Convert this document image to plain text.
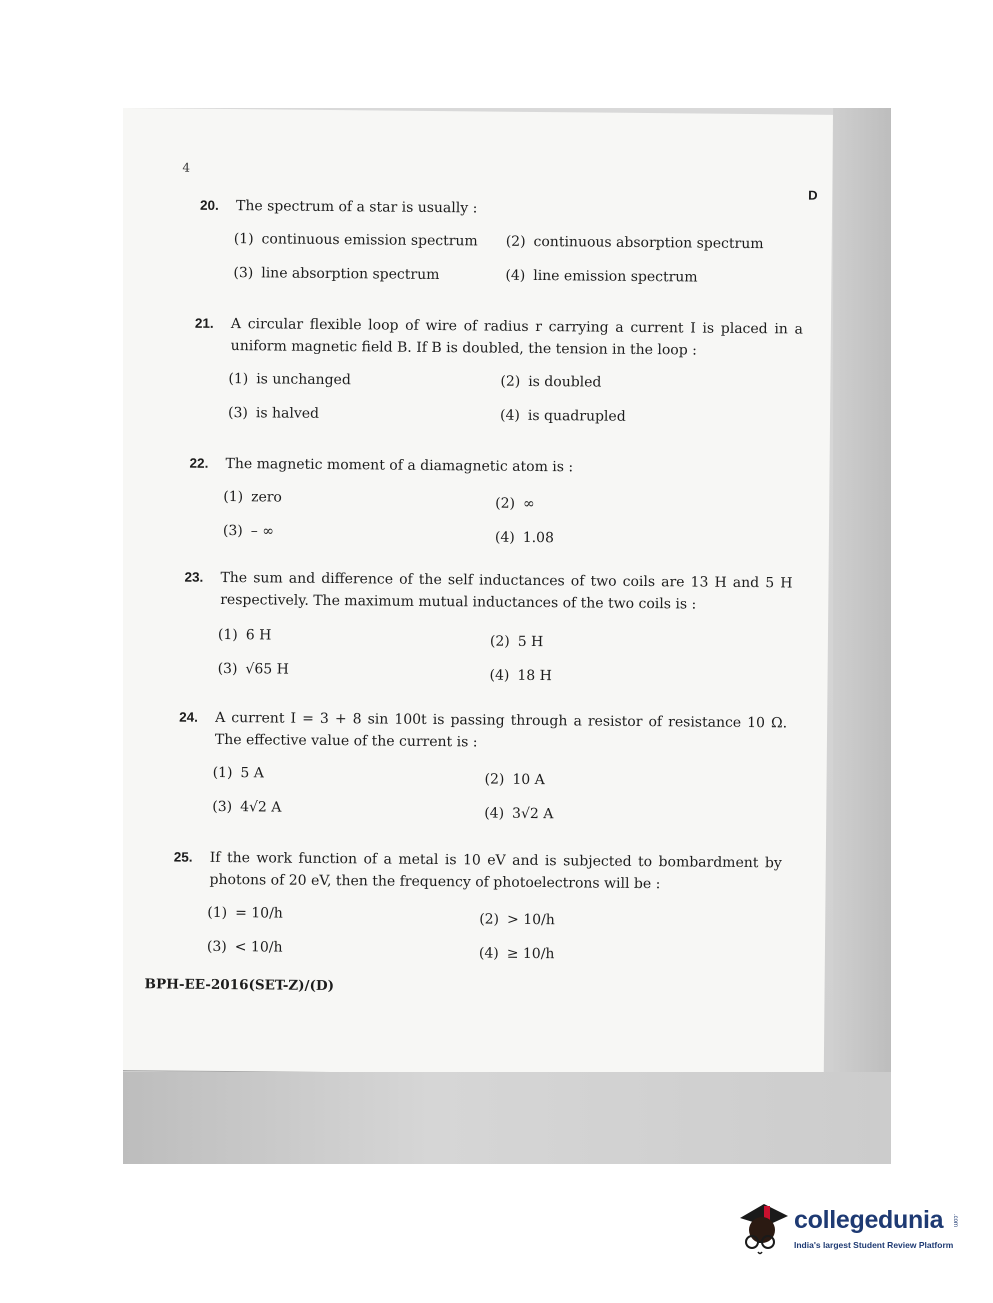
4
D
20. The spectrum of a star is usually :
(1) continuous emission spectrum (2) continuous absorption spectrum
(3) line absorption spectrum	(4) line emission spectrum
21. A circular flexible loop of wire of radius r carrying a current I is placed in a uniform magnetic field B. If B is doubled, the tension in the loop :
(1) is unchanged	(2) is doubled
(3) is halved	(4) is quadrupled
22. The magnetic moment of a diamagnetic atom is :
(1) zero	(2) ∞
(3) – ∞	(4) 1.08
23. The sum and difference of the self inductances of two coils are 13 H and 5 H respectively. The maximum mutual inductances of the two coils is :
(1) 6 H	(2) 5 H
(3) √65 H	(4) 18 H
24. A current I = 3 + 8 sin 100t is passing through a resistor of resistance 10 Ω. The effective value of the current is :
(1) 5 A	(2) 10 A
(3) 4√2 A	(4) 3√2 A
25. If the work function of a metal is 10 eV and is subjected to bombardment by photons of 20 eV, then the frequency of photoelectrons will be :
(1) = 10/h	(2) > 10/h
(3) < 10/h	(4) ≥ 10/h
BPH-EE-2016(SET-Z)/(D)
collegedunia .com
India's largest Student Review Platform
